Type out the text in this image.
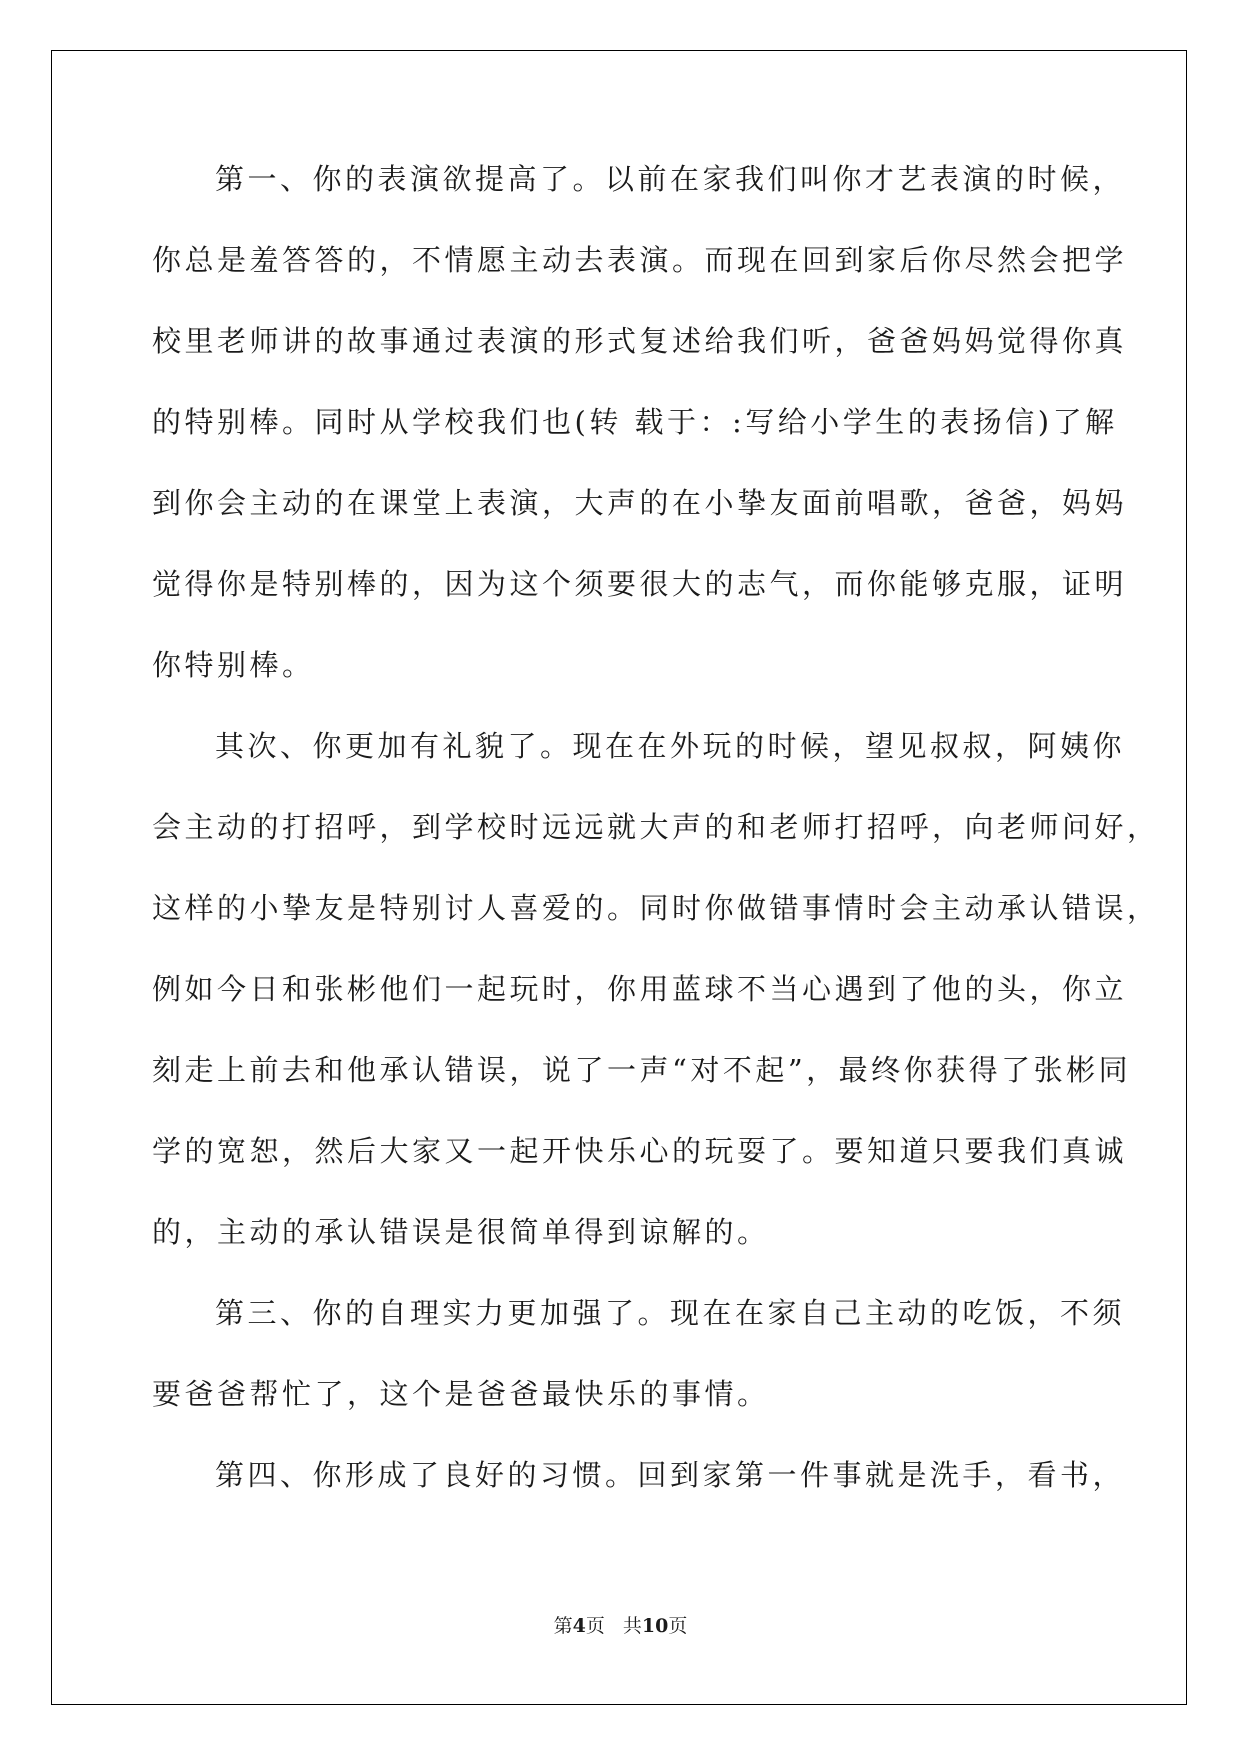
第一、你的表演欲提高了。以前在家我们叫你才艺表演的时候，
你总是羞答答的，不情愿主动去表演。而现在回到家后你尽然会把学
校里老师讲的故事通过表演的形式复述给我们听，爸爸妈妈觉得你真
的特别棒。同时从学校我们也(转 载于：:写给小学生的表扬信)了解
到你会主动的在课堂上表演，大声的在小挚友面前唱歌，爸爸，妈妈
觉得你是特别棒的，因为这个须要很大的志气，而你能够克服，证明
你特别棒。
其次、你更加有礼貌了。现在在外玩的时候，望见叔叔，阿姨你
会主动的打招呼，到学校时远远就大声的和老师打招呼，向老师问好，
这样的小挚友是特别讨人喜爱的。同时你做错事情时会主动承认错误，
例如今日和张彬他们一起玩时，你用蓝球不当心遇到了他的头，你立
刻走上前去和他承认错误，说了一声“对不起”，最终你获得了张彬同
学的宽恕，然后大家又一起开快乐心的玩耍了。要知道只要我们真诚
的，主动的承认错误是很简单得到谅解的。
第三、你的自理实力更加强了。现在在家自己主动的吃饭，不须
要爸爸帮忙了，这个是爸爸最快乐的事情。
第四、你形成了良好的习惯。回到家第一件事就是洗手，看书，
第4页 共10页
